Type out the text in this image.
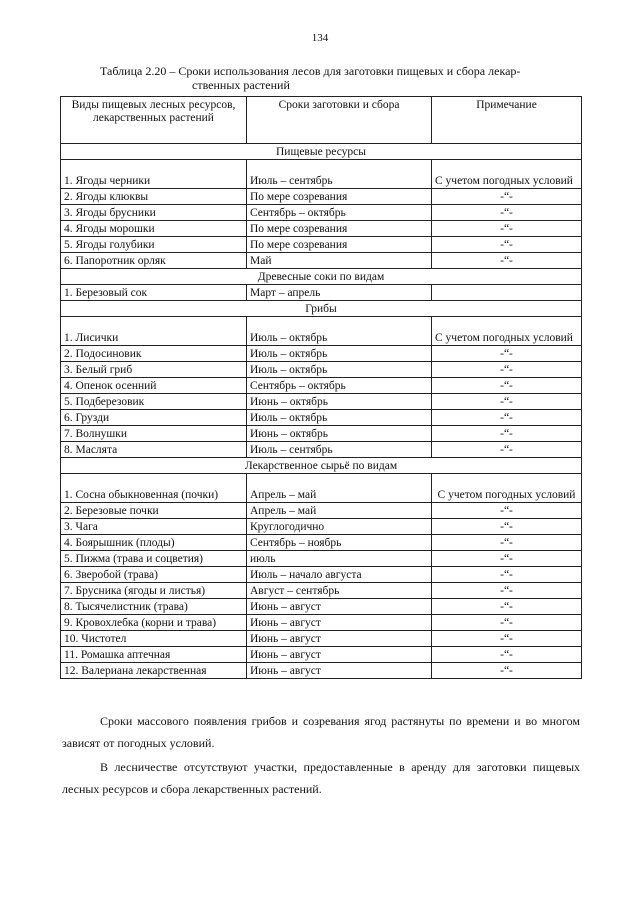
134
Таблица 2.20 – Сроки использования лесов для заготовки пищевых и сбора лекар-
ственных растений
Виды пищевых лесных ресурсов, лекарственных растений	Сроки заготовки и сбора	Примечание
Пищевые ресурсы		
1. Ягоды черники	Июль – сентябрь	С учетом погодных условий
2. Ягоды клюквы	По мере созревания	-“-
3. Ягоды брусники	Сентябрь – октябрь	-“-
4. Ягоды морошки	По мере созревания	-“-
5. Ягоды голубики	По мере созревания	-“-
6. Папоротник орляк	Май	-“-
Древесные соки по видам		
1. Березовый сок	Март – апрель	
Грибы		
1. Лисички	Июль – октябрь	С учетом погодных условий
2. Подосиновик	Июль – октябрь	-“-
3. Белый гриб	Июль – октябрь	-“-
4. Опенок осенний	Сентябрь – октябрь	-“-
5. Подберезовик	Июнь – октябрь	-“-
6. Грузди	Июль – октябрь	-“-
7. Волнушки	Июнь – октябрь	-“-
8. Маслята	Июль – сентябрь	-“-
Лекарственное сырьё по видам		
1. Сосна обыкновенная (почки)	Апрель – май	С учетом погодных условий
2. Березовые почки	Апрель – май	-“-
3. Чага	Круглогодично	-“-
4. Боярышник (плоды)	Сентябрь – ноябрь	-“-
5. Пижма (трава и соцветия)	июль	-“-
6. Зверобой (трава)	Июль – начало августа	-“-
7. Брусника (ягоды и листья)	Август – сентябрь	-“-
8. Тысячелистник (трава)	Июнь – август	-“-
9. Кровохлебка (корни и трава)	Июнь – август	-“-
10. Чистотел	Июнь – август	-“-
11. Ромашка аптечная	Июнь – август	-“-
12. Валериана лекарственная	Июнь – август	-“-
Сроки массового появления грибов и созревания ягод растянуты по времени и во многом зависят от погодных условий.
В лесничестве отсутствуют участки, предоставленные в аренду для заготовки пищевых лесных ресурсов и сбора лекарственных растений.
